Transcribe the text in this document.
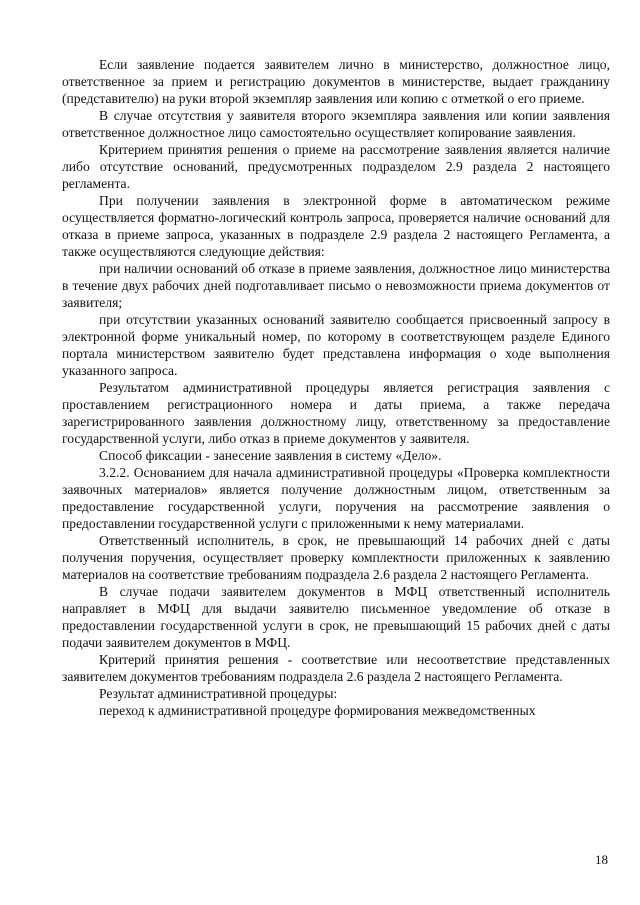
Если заявление подается заявителем лично в министерство, должностное лицо, ответственное за прием и регистрацию документов в министерстве, выдает гражданину (представителю) на руки второй экземпляр заявления или копию с отметкой о его приеме.

В случае отсутствия у заявителя второго экземпляра заявления или копии заявления ответственное должностное лицо самостоятельно осуществляет копирование заявления.

Критерием принятия решения о приеме на рассмотрение заявления является наличие либо отсутствие оснований, предусмотренных подразделом 2.9 раздела 2 настоящего регламента.

При получении заявления в электронной форме в автоматическом режиме осуществляется форматно-логический контроль запроса, проверяется наличие оснований для отказа в приеме запроса, указанных в подразделе 2.9 раздела 2 настоящего Регламента, а также осуществляются следующие действия:

при наличии оснований об отказе в приеме заявления, должностное лицо министерства в течение двух рабочих дней подготавливает письмо о невозможности приема документов от заявителя;

при отсутствии указанных оснований заявителю сообщается присвоенный запросу в электронной форме уникальный номер, по которому в соответствующем разделе Единого портала министерством заявителю будет представлена информация о ходе выполнения указанного запроса.

Результатом административной процедуры является регистрация заявления с проставлением регистрационного номера и даты приема, а также передача зарегистрированного заявления должностному лицу, ответственному за предоставление государственной услуги, либо отказ в приеме документов у заявителя.

Способ фиксации - занесение заявления в систему «Дело».

3.2.2. Основанием для начала административной процедуры «Проверка комплектности заявочных материалов» является получение должностным лицом, ответственным за предоставление государственной услуги, поручения на рассмотрение заявления о предоставлении государственной услуги с приложенными к нему материалами.

Ответственный исполнитель, в срок, не превышающий 14 рабочих дней с даты получения поручения, осуществляет проверку комплектности приложенных к заявлению материалов на соответствие требованиям подраздела 2.6 раздела 2 настоящего Регламента.

В случае подачи заявителем документов в МФЦ ответственный исполнитель направляет в МФЦ для выдачи заявителю письменное уведомление об отказе в предоставлении государственной услуги в срок, не превышающий 15 рабочих дней с даты подачи заявителем документов в МФЦ.

Критерий принятия решения - соответствие или несоответствие представленных заявителем документов требованиям подраздела 2.6 раздела 2 настоящего Регламента.

Результат административной процедуры:

переход к административной процедуре формирования межведомственных

18
